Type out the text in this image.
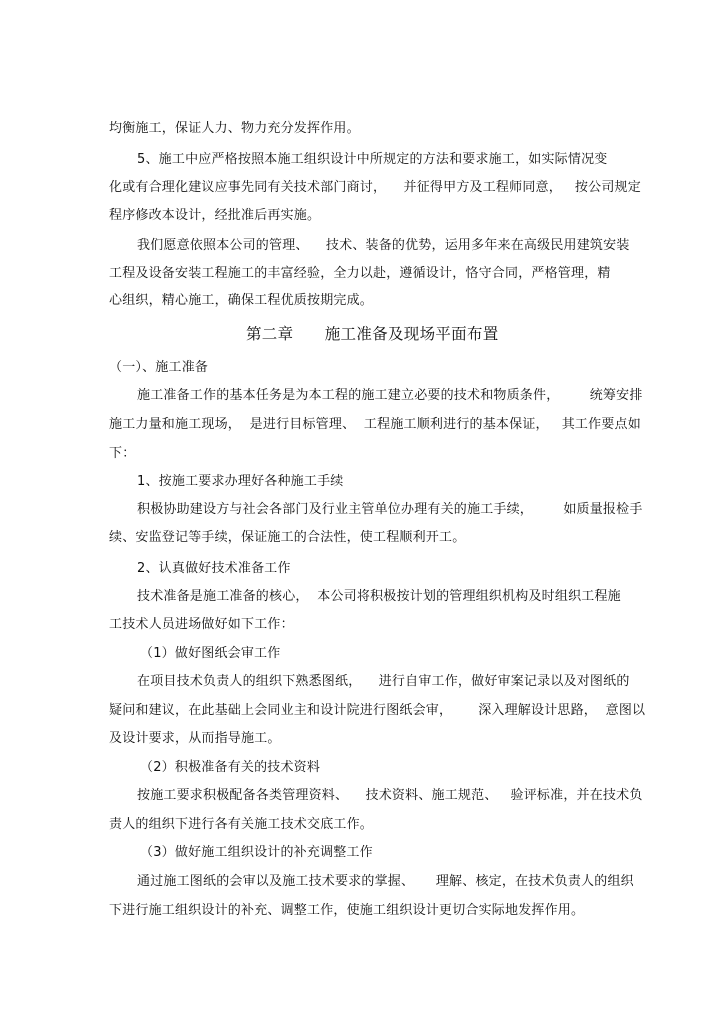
均衡施工，保证人力、物力充分发挥作用。
5、施工中应严格按照本施工组织设计中所规定的方法和要求施工，如实际情况变
化或有合理化建议应事先同有关技术部门商讨，    并征得甲方及工程师同意，   按公司规定
程序修改本设计，经批准后再实施。
我们愿意依照本公司的管理、    技术、装备的优势，运用多年来在高级民用建筑安装
工程及设备安装工程施工的丰富经验，全力以赴，遵循设计，恪守合同，严格管理，精
心组织，精心施工，确保工程优质按期完成。
第二章      施工准备及现场平面布置
（一）、施工准备
施工准备工作的基本任务是为本工程的施工建立必要的技术和物质条件，       统筹安排
施工力量和施工现场，  是进行目标管理、  工程施工顺利进行的基本保证，   其工作要点如
下：
1、按施工要求办理好各种施工手续
积极协助建设方与社会各部门及行业主管单位办理有关的施工手续，       如质量报检手
续、安监登记等手续，保证施工的合法性，使工程顺利开工。
2、认真做好技术准备工作
技术准备是施工准备的核心，  本公司将积极按计划的管理组织机构及时组织工程施
工技术人员进场做好如下工作：
（1）做好图纸会审工作
在项目技术负责人的组织下熟悉图纸，    进行自审工作，做好审案记录以及对图纸的
疑问和建议，在此基础上会同业主和设计院进行图纸会审，      深入理解设计思路，  意图以
及设计要求，从而指导施工。
（2）积极准备有关的技术资料
按施工要求积极配备各类管理资料、    技术资料、施工规范、   验评标准，并在技术负
责人的组织下进行各有关施工技术交底工作。
（3）做好施工组织设计的补充调整工作
通过施工图纸的会审以及施工技术要求的掌握、     理解、核定，在技术负责人的组织
下进行施工组织设计的补充、调整工作，使施工组织设计更切合实际地发挥作用。
